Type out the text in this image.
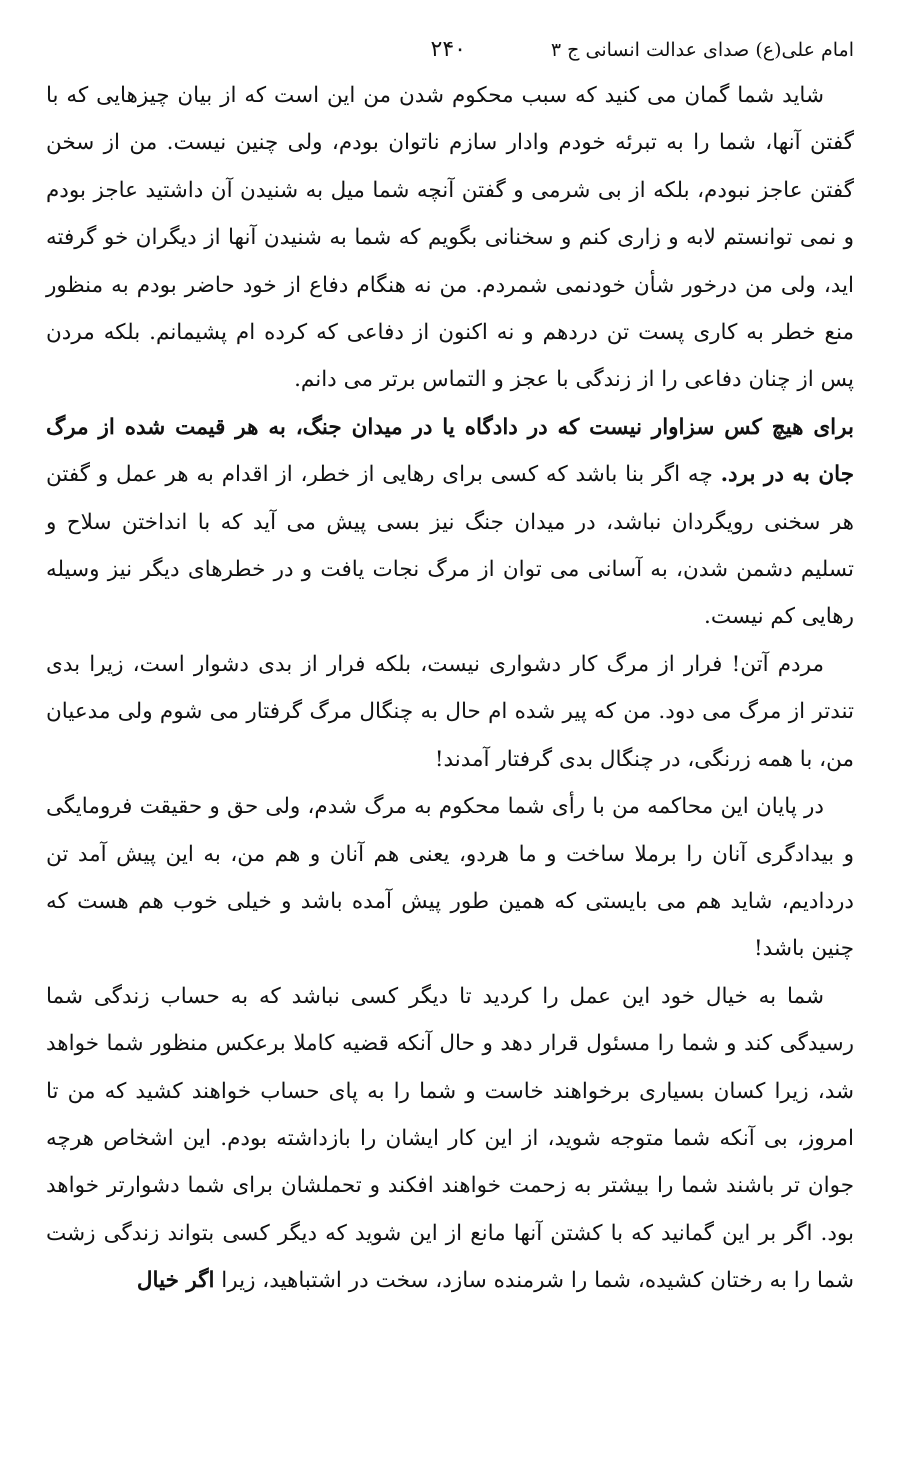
امام علی(ع) صدای عدالت انسانی ج ۳
۲۴۰

شاید شما گمان می کنید که سبب محکوم شدن من این است که از بیان چیزهایی که با گفتن آنها، شما را به تبرئه خودم وادار سازم ناتوان بودم، ولی چنین نیست. من از سخن گفتن عاجز نبودم، بلکه از بی شرمی و گفتن آنچه شما میل به شنیدن آن داشتید عاجز بودم و نمی توانستم لابه و زاری کنم و سخنانی بگویم که شما به شنیدن آنها از دیگران خو گرفته اید، ولی من درخور شأن خودنمی شمردم. من نه هنگام دفاع از خود حاضر بودم به منظور منع خطر به کاری پست تن دردهم و نه اکنون از دفاعی که کرده ام پشیمانم. بلکه مردن پس از چنان دفاعی را از زندگی با عجز و التماس برتر می دانم.

برای هیچ کس سزاوار نیست که در دادگاه یا در میدان جنگ، به هر قیمت شده از مرگ جان به در برد. چه اگر بنا باشد که کسی برای رهایی از خطر، از اقدام به هر عمل و گفتن هر سخنی رویگردان نباشد، در میدان جنگ نیز بسی پیش می آید که با انداختن سلاح و تسلیم دشمن شدن، به آسانی می توان از مرگ نجات یافت و در خطرهای دیگر نیز وسیله رهایی کم نیست.

مردم آتن! فرار از مرگ کار دشواری نیست، بلکه فرار از بدی دشوار است، زیرا بدی تندتر از مرگ می دود. من که پیر شده ام حال به چنگال مرگ گرفتار می شوم ولی مدعیان من، با همه زرنگی، در چنگال بدی گرفتار آمدند!

در پایان این محاکمه من با رأی شما محکوم به مرگ شدم، ولی حق و حقیقت فرومایگی و بیدادگری آنان را برملا ساخت و ما هردو، یعنی هم آنان و هم من، به این پیش آمد تن دردادیم، شاید هم می بایستی که همین طور پیش آمده باشد و خیلی خوب هم هست که چنین باشد!

شما به خیال خود این عمل را کردید تا دیگر کسی نباشد که به حساب زندگی شما رسیدگی کند و شما را مسئول قرار دهد و حال آنکه قضیه کاملا برعکس منظور شما خواهد شد، زیرا کسان بسیاری برخواهند خاست و شما را به پای حساب خواهند کشید که من تا امروز، بی آنکه شما متوجه شوید، از این کار ایشان را بازداشته بودم. این اشخاص هرچه جوان تر باشند شما را بیشتر به زحمت خواهند افکند و تحملشان برای شما دشوارتر خواهد بود. اگر بر این گمانید که با کشتن آنها مانع از این شوید که دیگر کسی بتواند زندگی زشت شما را به رختان کشیده، شما را شرمنده سازد، سخت در اشتباهید، زیرا اگر خیال
